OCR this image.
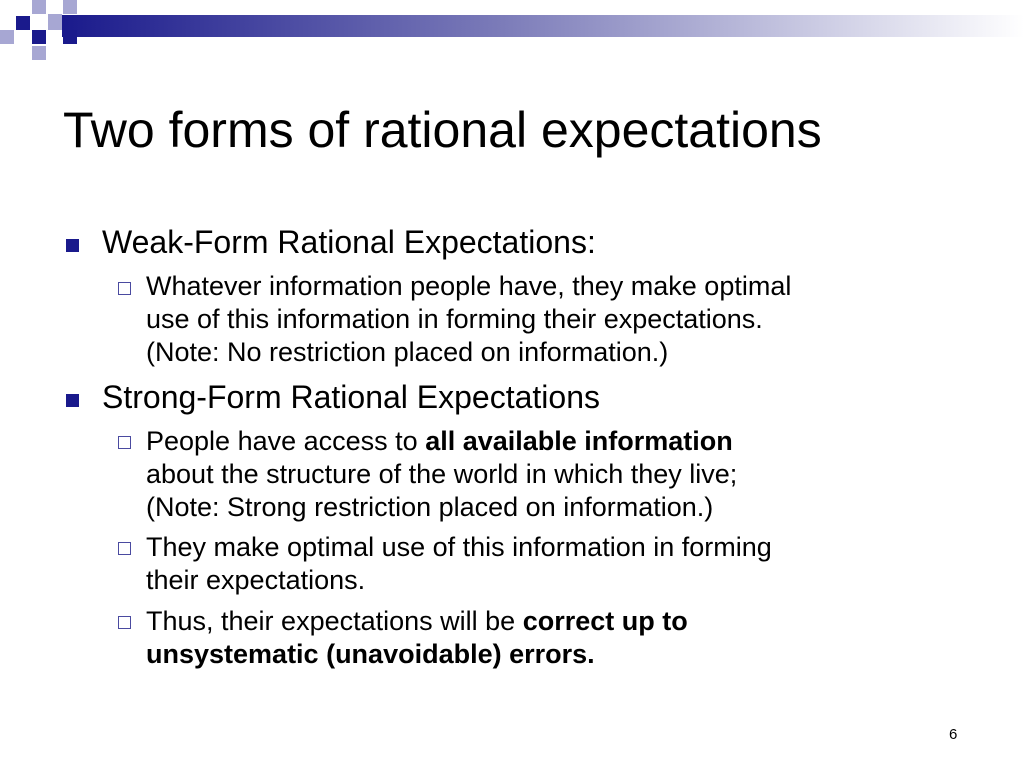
Two forms of rational expectations
Weak-Form Rational Expectations:
Whatever information people have, they make optimal
use of this information in forming their expectations.
(Note: No restriction placed on information.)
Strong-Form Rational Expectations
People have access to all available information
about the structure of the world in which they live;
(Note: Strong restriction placed on information.)
They make optimal use of this information in forming
their expectations.
Thus, their expectations will be correct up to
unsystematic (unavoidable) errors.
6
